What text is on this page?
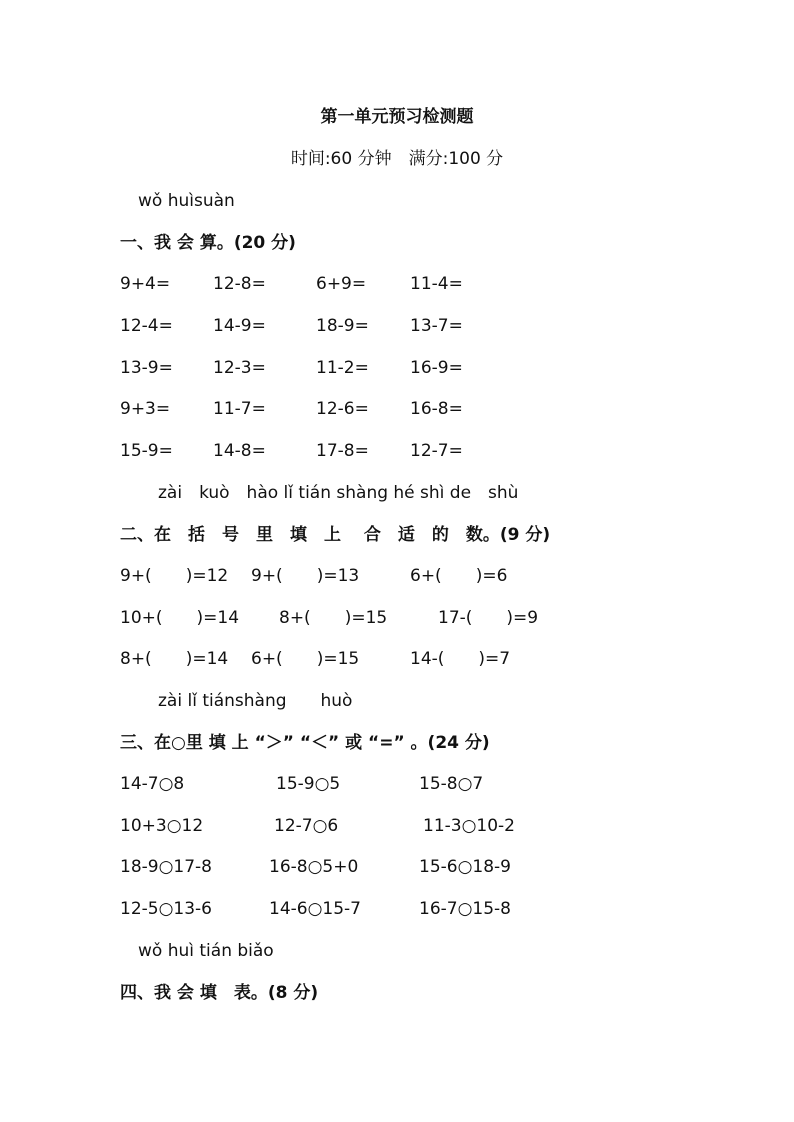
第一单元预习检测题
时间:60 分钟　满分:100 分
wǒ huìsuàn
一、我 会 算。(20 分)
9+4=	12-8=	6+9=	11-4=
12-4= 14-9=	18-9= 13-7=
13-9= 12-3=	11-2= 16-9=
9+3=	11-7=	12-6= 16-8=
15-9= 14-8=	17-8= 12-7=
zài　kuò　hào lǐ tián shàng hé shì de　shù
二、在　括　号　里　填　上　 合　适　的　数。(9 分)
9+(　　)=12 9+(　　)=13	6+(　　)=6
10+(　　)=14 8+(　　)=15	17-(　　)=9
8+(　　)=14 6+(　　)=15	14-(　　)=7
zài lǐ tiánshàng　　huò
三、在○里 填 上 “＞” “＜” 或 “=” 。(24 分)
14-7○8	15-9○5	15-8○7
10+3○12	12-7○6	11-3○10-2
18-9○17-8	16-8○5+0	15-6○18-9
12-5○13-6	14-6○15-7	16-7○15-8
wǒ huì tián biǎo
四、我 会 填　表。(8 分)
